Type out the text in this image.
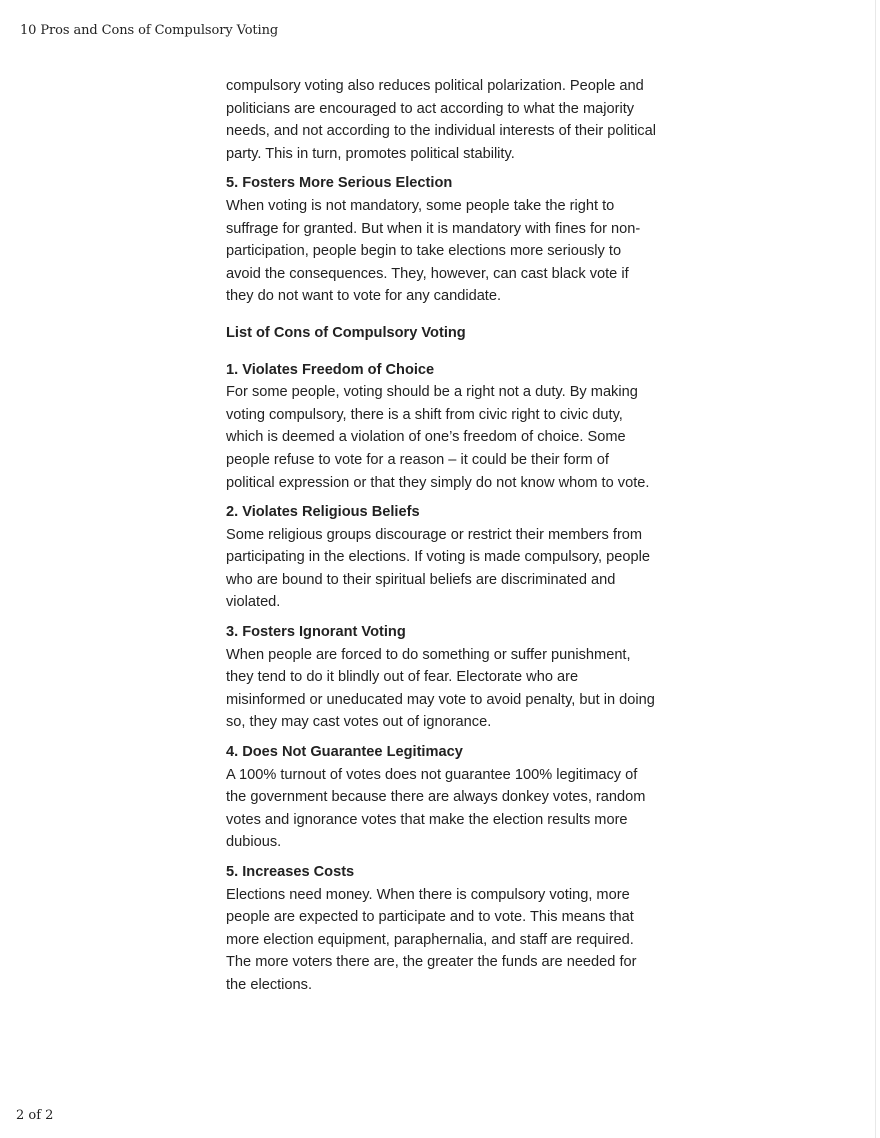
10 Pros and Cons of Compulsory Voting

compulsory voting also reduces political polarization. People and politicians are encouraged to act according to what the majority needs, and not according to the individual interests of their political party. This in turn, promotes political stability.

5. Fosters More Serious Election

When voting is not mandatory, some people take the right to suffrage for granted. But when it is mandatory with fines for non-participation, people begin to take elections more seriously to avoid the consequences. They, however, can cast black vote if they do not want to vote for any candidate.

List of Cons of Compulsory Voting

1. Violates Freedom of Choice

For some people, voting should be a right not a duty. By making voting compulsory, there is a shift from civic right to civic duty, which is deemed a violation of one’s freedom of choice. Some people refuse to vote for a reason – it could be their form of political expression or that they simply do not know whom to vote.

2. Violates Religious Beliefs

Some religious groups discourage or restrict their members from participating in the elections. If voting is made compulsory, people who are bound to their spiritual beliefs are discriminated and violated.

3. Fosters Ignorant Voting

When people are forced to do something or suffer punishment, they tend to do it blindly out of fear. Electorate who are misinformed or uneducated may vote to avoid penalty, but in doing so, they may cast votes out of ignorance.

4. Does Not Guarantee Legitimacy

A 100% turnout of votes does not guarantee 100% legitimacy of the government because there are always donkey votes, random votes and ignorance votes that make the election results more dubious.

5. Increases Costs

Elections need money. When there is compulsory voting, more people are expected to participate and to vote. This means that more election equipment, paraphernalia, and staff are required. The more voters there are, the greater the funds are needed for the elections.

2 of 2
